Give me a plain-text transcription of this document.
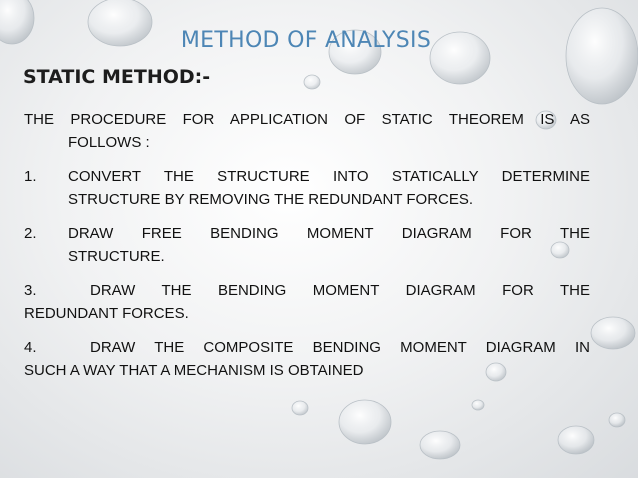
METHOD OF ANALYSIS
STATIC METHOD:-
THE PROCEDURE FOR APPLICATION OF STATIC THEOREM IS AS
FOLLOWS :
1.	CONVERT THE STRUCTURE INTO STATICALLY DETERMINE
STRUCTURE BY REMOVING THE REDUNDANT FORCES.
2.	DRAW FREE BENDING MOMENT DIAGRAM FOR THE
STRUCTURE.
3.	DRAW THE BENDING MOMENT DIAGRAM FOR THE
REDUNDANT FORCES.
4.	DRAW THE COMPOSITE BENDING MOMENT DIAGRAM IN
SUCH A WAY THAT A MECHANISM IS OBTAINED
